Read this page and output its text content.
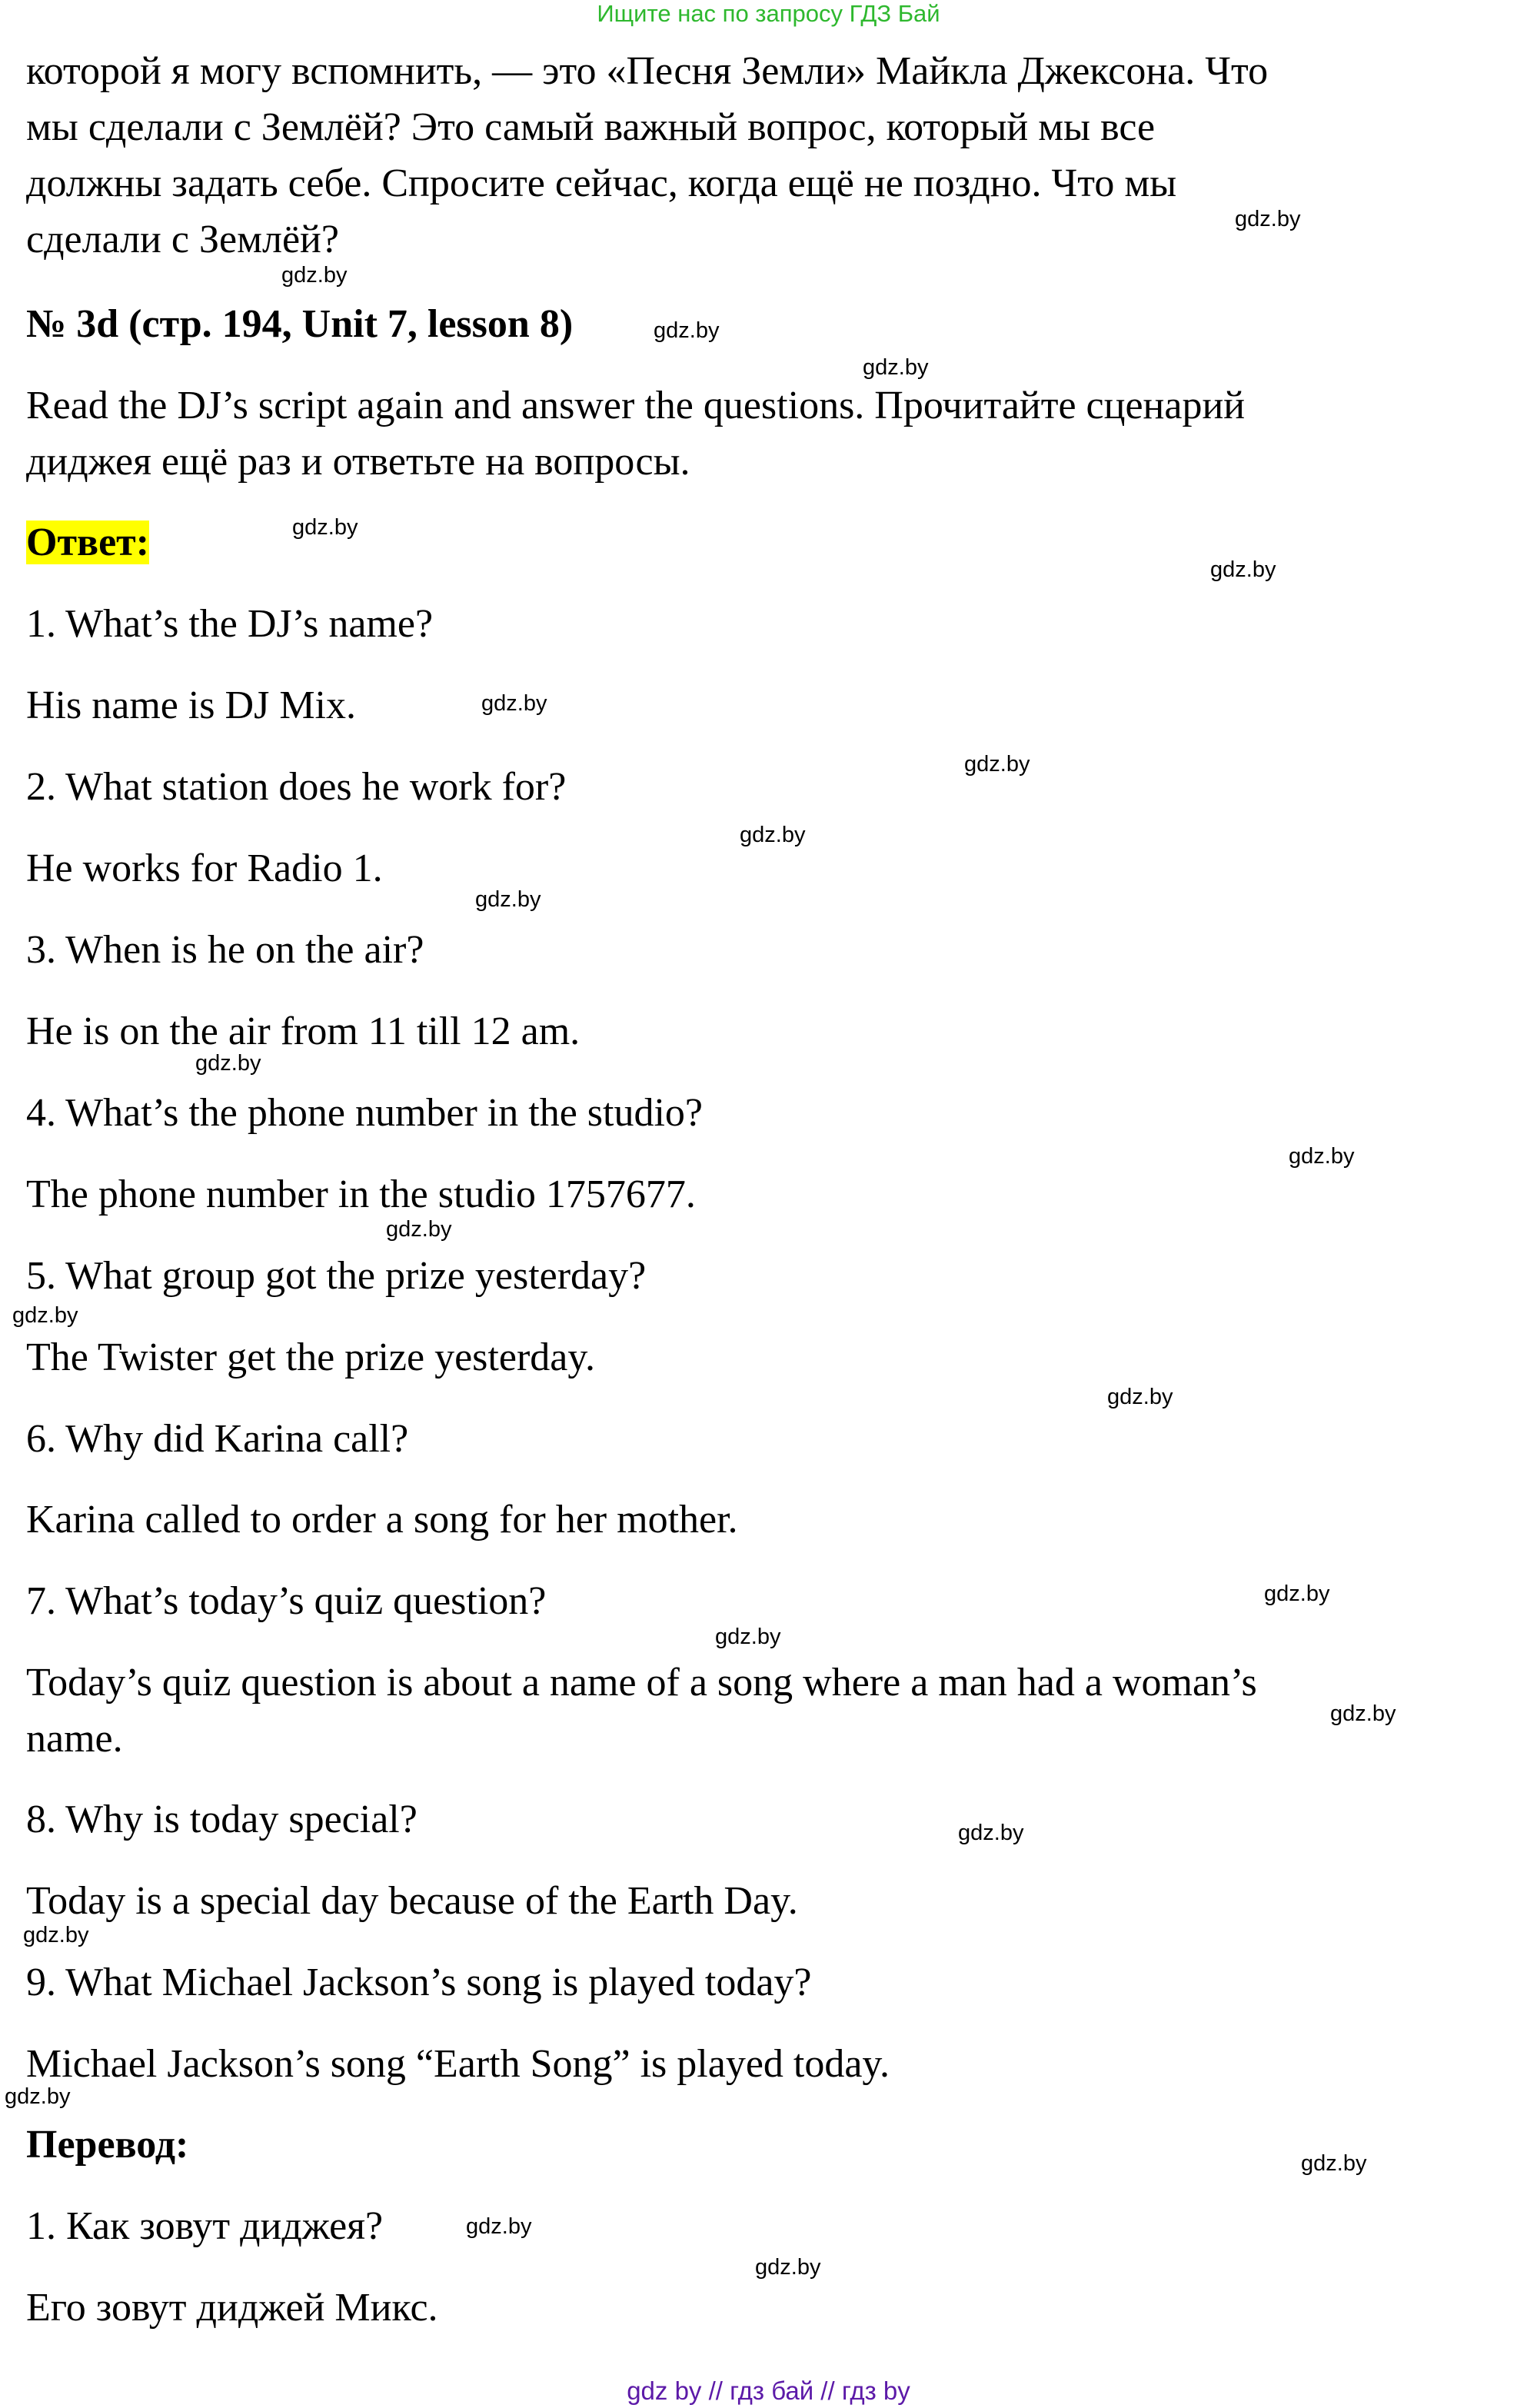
Ищите нас по запросу ГДЗ Бай

которой я могу вспомнить, — это «Песня Земли» Майкла Джексона. Что

мы сделали с Землёй? Это самый важный вопрос, который мы все

должны задать себе. Спросите сейчас, когда ещё не поздно. Что мы

сделали с Землёй?

№ 3d (стр. 194, Unit 7, lesson 8)

Read the DJ’s script again and answer the questions. Прочитайте сценарий

диджея ещё раз и ответьте на вопросы.

Ответ:

1. What’s the DJ’s name?

His name is DJ Mix.

2. What station does he work for?

He works for Radio 1.

3. When is he on the air?

He is on the air from 11 till 12 am.

4. What’s the phone number in the studio?

The phone number in the studio 1757677.

5. What group got the prize yesterday?

The Twister get the prize yesterday.

6. Why did Karina call?

Karina called to order a song for her mother.

7. What’s today’s quiz question?

Today’s quiz question is about a name of a song where a man had a woman’s

name.

8. Why is today special?

Today is a special day because of the Earth Day.

9. What Michael Jackson’s song is played today?

Michael Jackson’s song “Earth Song” is played today.

Перевод:

1. Как зовут диджея?

Его зовут диджей Микс.

gdz.by
gdz.by
gdz.by
gdz.by
gdz.by
gdz.by
gdz.by
gdz.by
gdz.by
gdz.by
gdz.by
gdz.by
gdz.by
gdz.by
gdz.by
gdz.by
gdz.by
gdz.by
gdz.by
gdz.by
gdz.by
gdz.by
gdz.by
gdz.by
gdz by // гдз бай // гдз by
